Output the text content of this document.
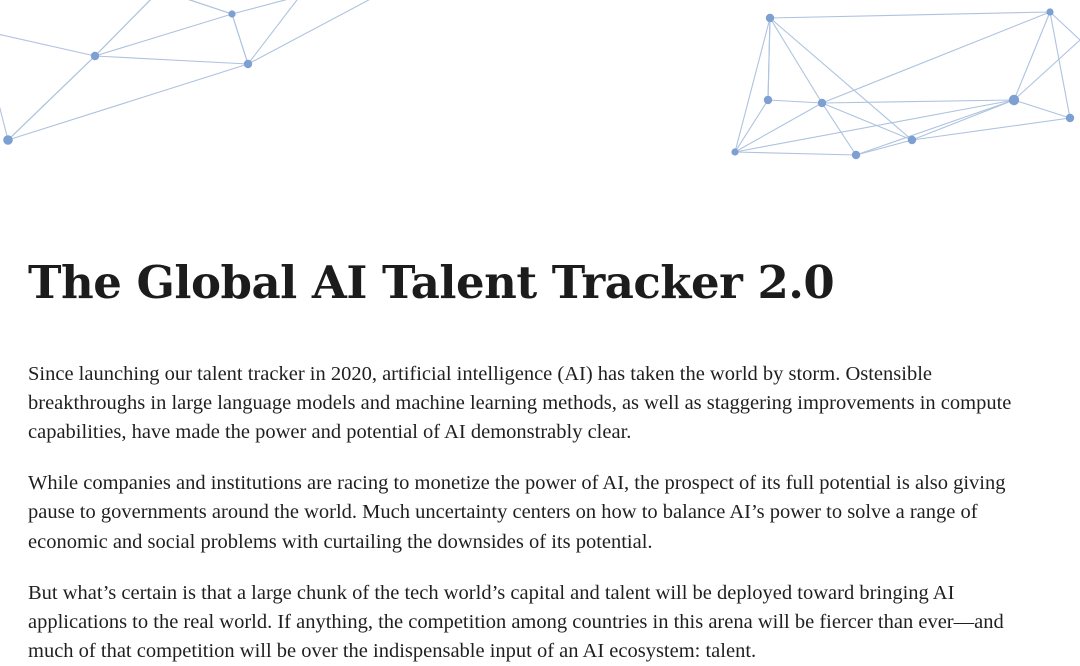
The Global AI Talent Tracker 2.0

Since launching our talent tracker in 2020, artificial intelligence (AI) has taken the world by storm. Ostensible breakthroughs in large language models and machine learning methods, as well as staggering improvements in compute capabilities, have made the power and potential of AI demonstrably clear.

While companies and institutions are racing to monetize the power of AI, the prospect of its full potential is also giving pause to governments around the world. Much uncertainty centers on how to balance AI’s power to solve a range of economic and social problems with curtailing the downsides of its potential.

But what’s certain is that a large chunk of the tech world’s capital and talent will be deployed toward bringing AI applications to the real world. If anything, the competition among countries in this arena will be fiercer than ever—and much of that competition will be over the indispensable input of an AI ecosystem: talent.
